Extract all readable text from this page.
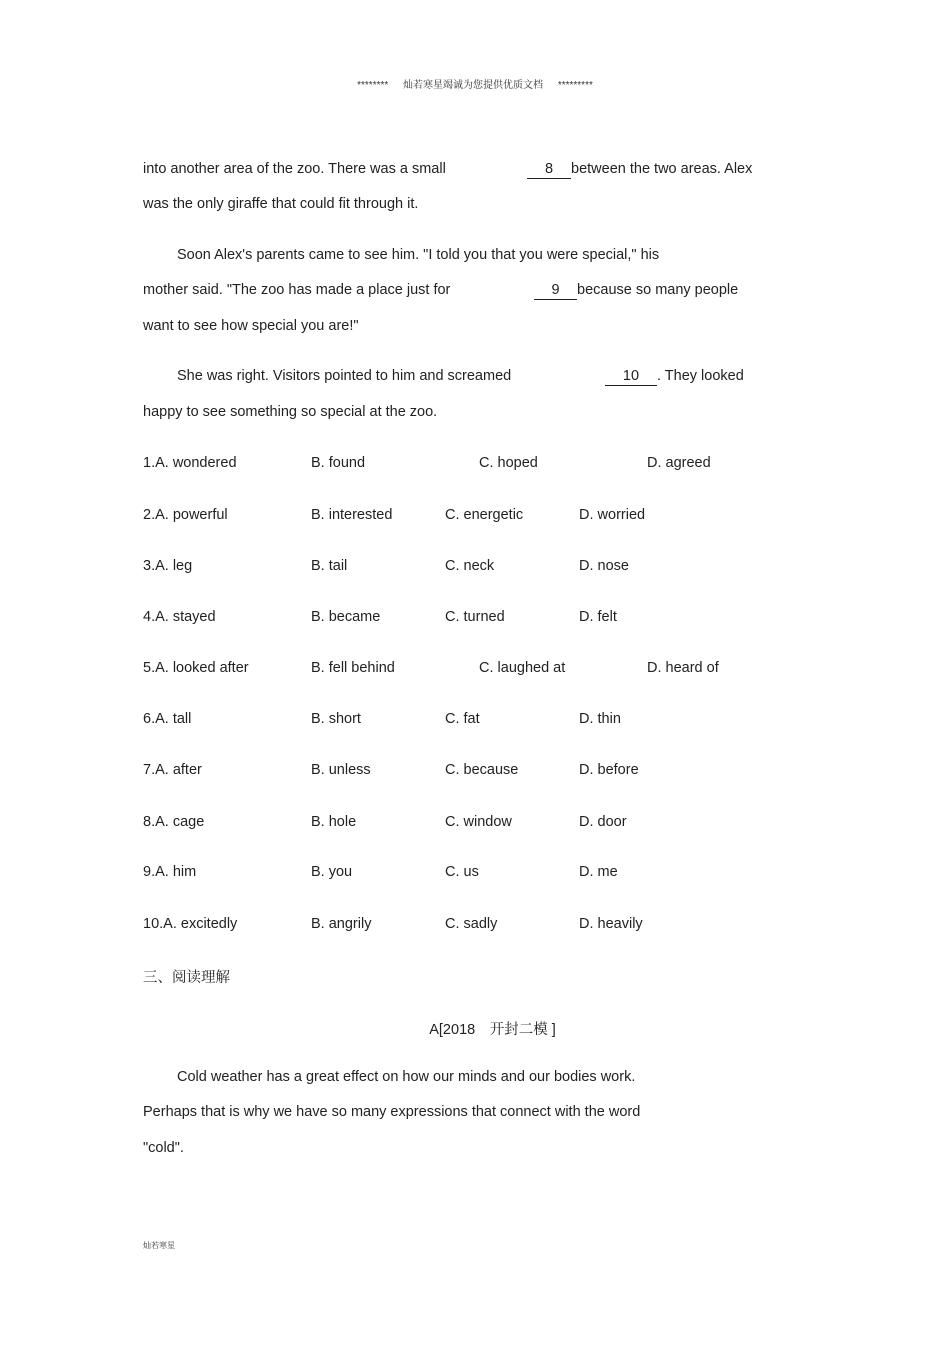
******** 灿若寒星竭诚为您提供优质文档 *********
into another area of the zoo. There was a small	8 between the two areas. Alex
was the only giraffe that could fit through it.
Soon Alex's parents came to see him. "I told you that you were special," his
mother said. "The zoo has made a place just for	9 because so many people
want to see how special you are!"
She was right. Visitors pointed to him and screamed	10 . They looked
happy to see something so special at the zoo.
1.A. wondered	B. found	C. hoped	D. agreed
2.A. powerful	B. interested	C. energetic	D. worried
3.A. leg	B. tail	C. neck	D. nose
4.A. stayed	B. became	C. turned	D. felt
5.A. looked after	B. fell behind	C. laughed at	D. heard of
6.A. tall	B. short	C. fat	D. thin
7.A. after	B. unless	C. because	D. before
8.A. cage	B. hole	C. window	D. door
9.A. him	B. you	C. us	D. me
10.A. excitedly	B. angrily	C. sadly	D. heavily
三、阅读理解
A[2018　开封二模 ]
Cold weather has a great effect on how our minds and our bodies work.
Perhaps that is why we have so many expressions that connect with the word
"cold".
灿若寒星
